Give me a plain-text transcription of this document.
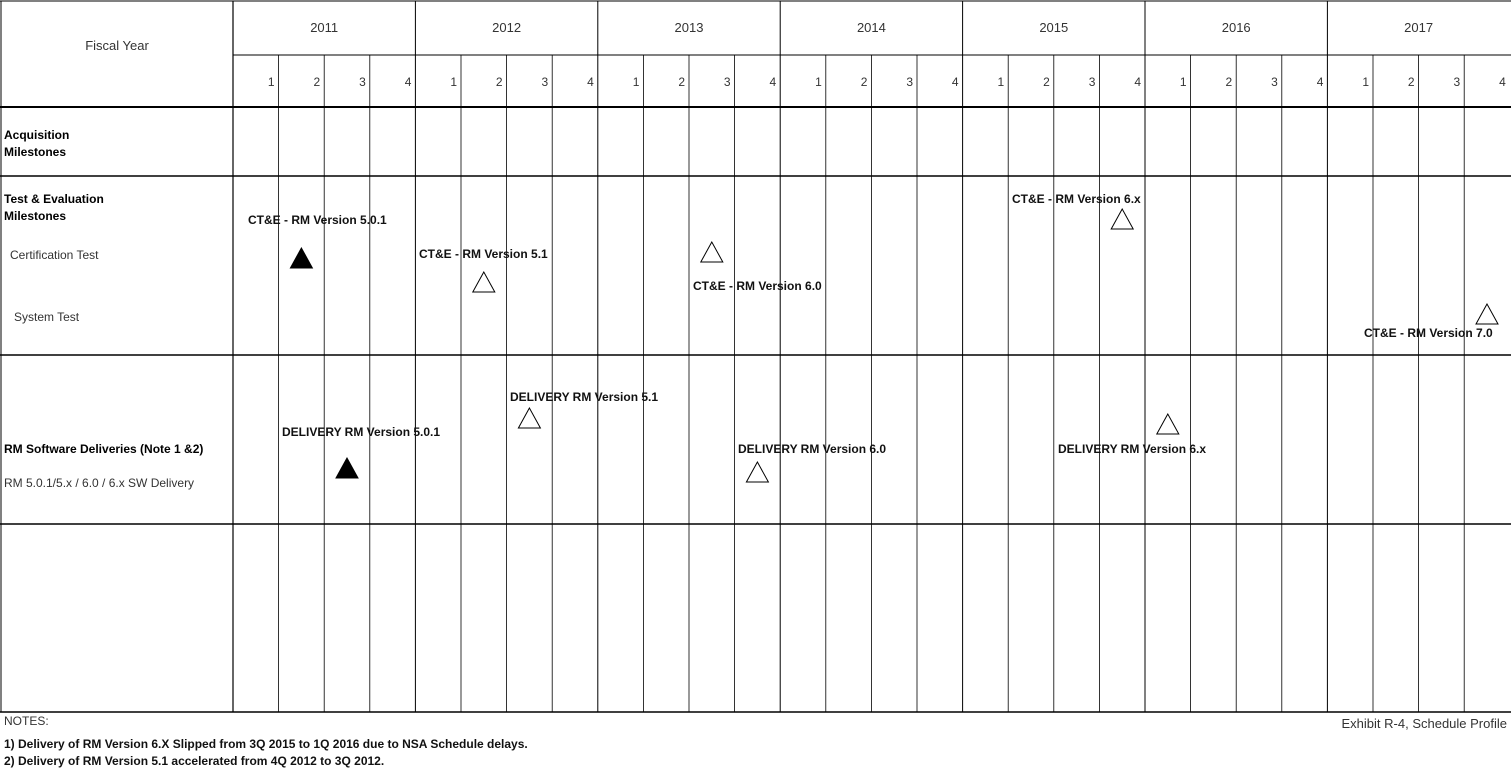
Fiscal Year
2011	2012	2013	2014	2015	2016	2017
1	2	3	4	1	2	3	4	1	2	3	4	1	2	3	4	1	2	3	4	1	2	3	4	1	2	3	4
Acquisition
Milestones
Test & Evaluation
Milestones
Certification Test
System Test
RM Software Deliveries (Note 1 &2)
RM 5.0.1/5.x / 6.0 / 6.x SW Delivery
CT&E - RM Version 5.0.1
CT&E - RM Version 5.1
CT&E - RM Version 6.0
CT&E - RM Version 6.x
CT&E - RM Version 7.0
DELIVERY RM Version 5.0.1
DELIVERY RM Version 5.1
DELIVERY RM Version 6.0	DELIVERY RM Version 6.x
NOTES:
1) Delivery of RM Version 6.X Slipped from 3Q 2015 to 1Q 2016 due to NSA Schedule delays.
2) Delivery of RM Version 5.1 accelerated from 4Q 2012 to 3Q 2012.
Exhibit R-4, Schedule Profile
